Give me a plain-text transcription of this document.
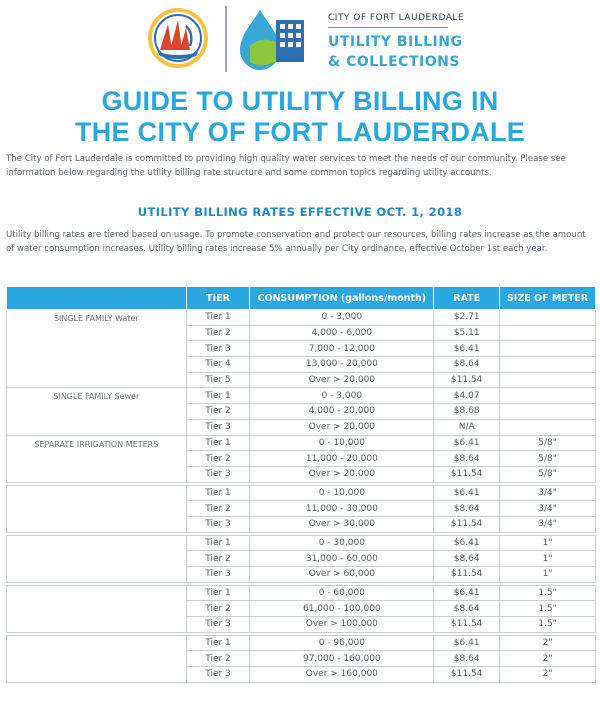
CITY OF FORT LAUDERDALE
UTILITY BILLING
& COLLECTIONS
GUIDE TO UTILITY BILLING IN
THE CITY OF FORT LAUDERDALE

The City of Fort Lauderdale is committed to providing high quality water services to meet the needs of our community. Please see information below regarding the utility billing rate structure and some common topics regarding utility accounts.

UTILITY BILLING RATES EFFECTIVE OCT. 1, 2018

Utility billing rates are tiered based on usage. To promote conservation and protect our resources, billing rates increase as the amount of water consumption increases. Utility billing rates increase 5% annually per City ordinance, effective October 1st each year.

	TIER	CONSUMPTION (gallons/month)	RATE	SIZE OF METER
SINGLE FAMILY Water	Tier 1	0 - 3,000	$2.71	
	Tier 2	4,000 - 6,000	$5.11	
	Tier 3	7,000 - 12,000	$6.41	
	Tier 4	13,000 - 20,000	$8.64	
	Tier 5	Over > 20,000	$11.54	
SINGLE FAMILY Sewer	Tier 1	0 - 3,000	$4.07	
	Tier 2	4,000 - 20,000	$8.68	
	Tier 3	Over > 20,000	N/A	
SEPARATE IRRIGATION METERS	Tier 1	0 - 10,000	$6.41	5/8"
	Tier 2	11,000 - 20,000	$8.64	5/8"
	Tier 3	Over > 20,000	$11.54	5/8"

	Tier 1	0 - 10,000	$6.41	3/4"
	Tier 2	11,000 - 30,000	$8.64	3/4"
	Tier 3	Over > 30,000	$11.54	3/4"

	Tier 1	0 - 30,000	$6.41	1"
	Tier 2	31,000 - 60,000	$8.64	1"
	Tier 3	Over > 60,000	$11.54	1"

	Tier 1	0 - 60,000	$6.41	1.5"
	Tier 2	61,000 - 100,000	$8.64	1.5"
	Tier 3	Over > 100,000	$11.54	1.5"

	Tier 1	0 - 96,000	$6.41	2"
	Tier 2	97,000 - 160,000	$8.64	2"
	Tier 3	Over > 160,000	$11.54	2"
